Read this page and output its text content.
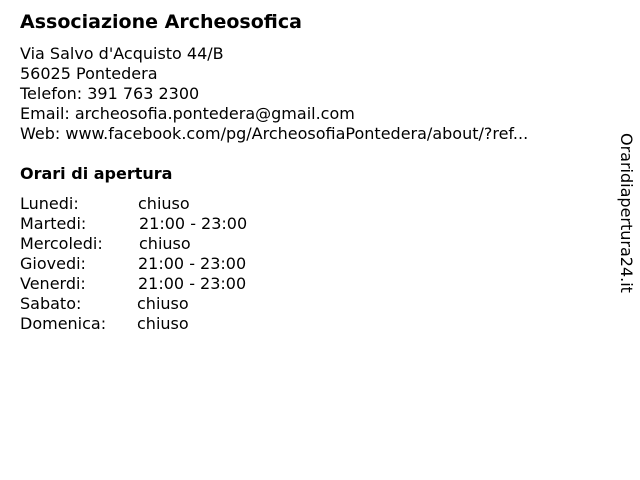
Associazione Archeosofica
Via Salvo d'Acquisto 44/B
56025 Pontedera
Telefon: 391 763 2300
Email: archeosofia.pontedera@gmail.com
Web: www.facebook.com/pg/ArcheosofiaPontedera/about/?ref...
Orari di apertura
Lunedi:	chiuso
Martedi:	21:00 - 23:00
Mercoledi: chiuso
Giovedi:	21:00 - 23:00
Venerdi:	21:00 - 23:00
Sabato:	chiuso
Domenica: chiuso
Oraridiapertura24.it
